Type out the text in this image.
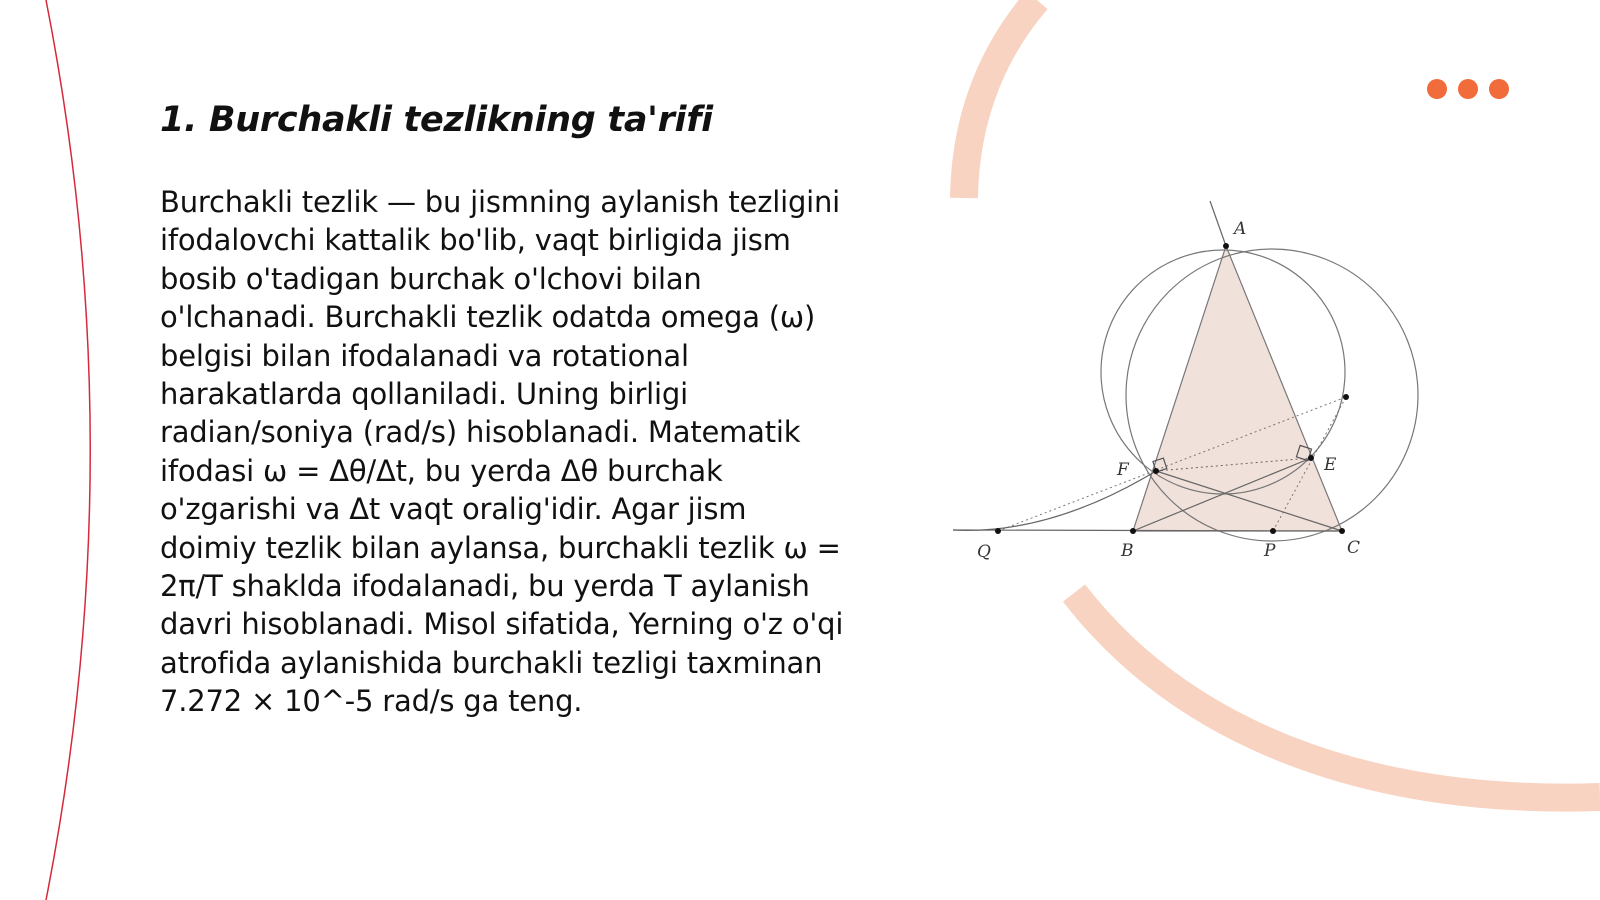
1. Burchakli tezlikning ta'rifi

Burchakli tezlik — bu jismning aylanish tezligini ifodalovchi kattalik bo'lib, vaqt birligida jism bosib o'tadigan burchak o'lchovi bilan o'lchanadi. Burchakli tezlik odatda omega (ω) belgisi bilan ifodalanadi va rotational harakatlarda qollaniladi. Uning birligi radian/soniya (rad/s) hisoblanadi. Matematik ifodasi ω = Δθ/Δt, bu yerda Δθ burchak o'zgarishi va Δt vaqt oralig'idir. Agar jism doimiy tezlik bilan aylansa, burchakli tezlik ω = 2π/T shaklda ifodalanadi, bu yerda T aylanish davri hisoblanadi. Misol sifatida, Yerning o'z o'qi atrofida aylanishida burchakli tezligi taxminan 7.272 × 10^-5 rad/s ga teng.

A
B	C
E
F
P
Q
